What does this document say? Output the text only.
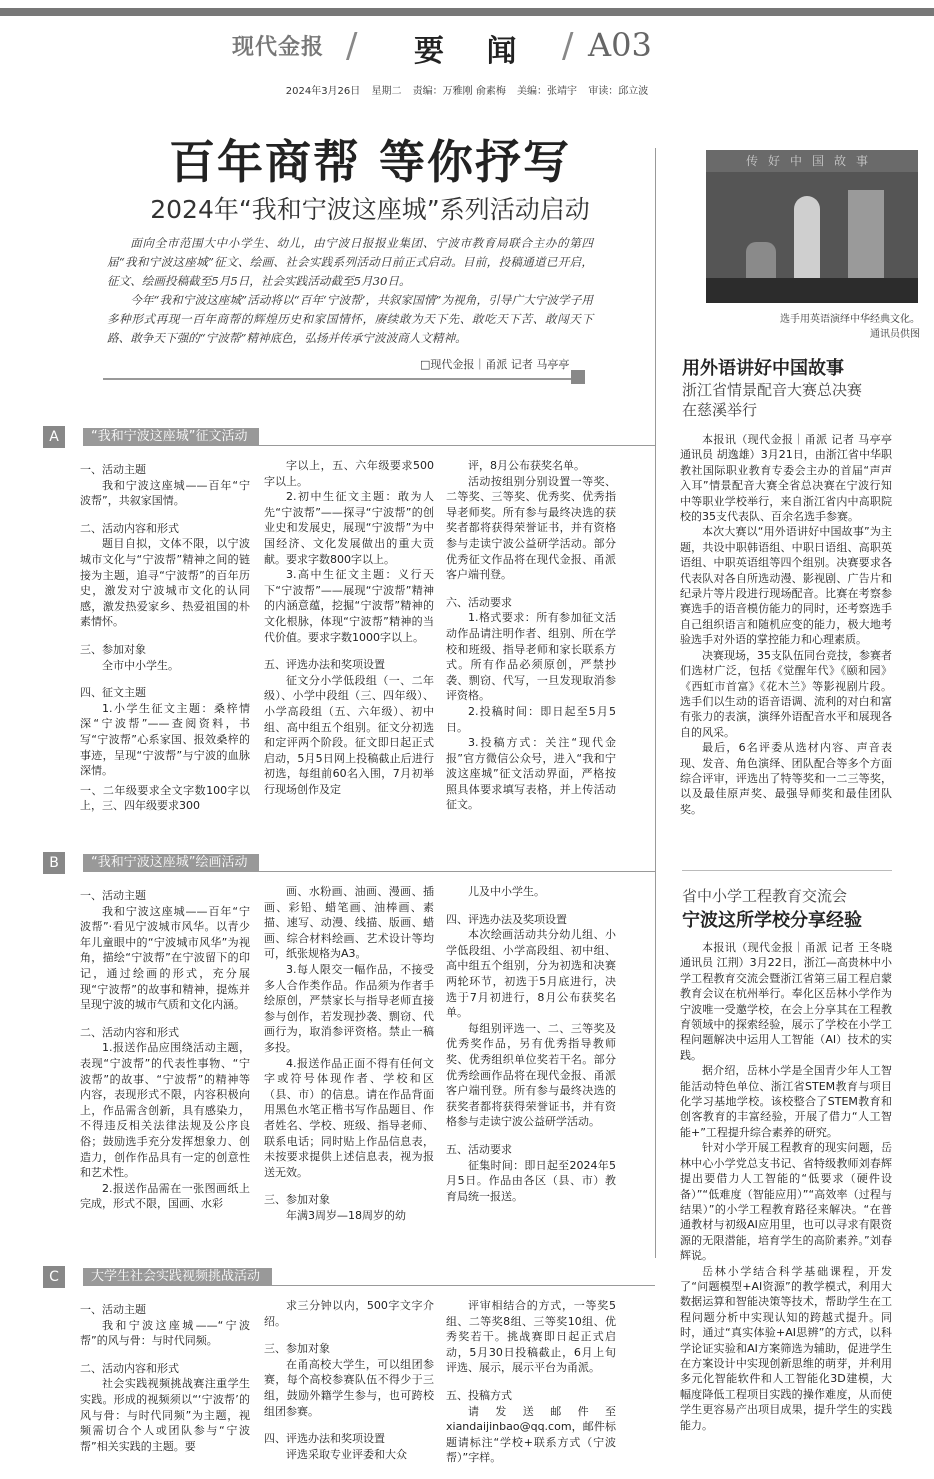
现代金报 / 要 闻 / A03
2024年3月26日 星期二 责编：万雅刚 俞素梅 美编：张靖宇 审读：邱立波
百年商帮 等你抒写
2024年“我和宁波这座城”系列活动启动

面向全市范围大中小学生、幼儿，由宁波日报报业集团、宁波市教育局联合主办的第四届“我和宁波这座城”征文、绘画、社会实践系列活动日前正式启动。目前，投稿通道已开启，征文、绘画投稿截至5月5日，社会实践活动截至5月30日。

今年“我和宁波这座城”活动将以“百年‘宁波帮’，共叙家国情”为视角，引导广大宁波学子用多种形式再现一百年商帮的辉煌历史和家国情怀，赓续敢为天下先、敢吃天下苦、敢闯天下路、敢争天下强的“宁波帮”精神底色，弘扬并传承宁波波商人文精神。

□现代金报｜甬派 记者 马亭亭
A	“我和宁波这座城”征文活动

一、活动主题

我和宁波这座城——百年“宁波帮”，共叙家国情。

二、活动内容和形式

题目自拟，文体不限，以宁波城市文化与“宁波帮”精神之间的链接为主题，追寻“宁波帮”的百年历史，激发对宁波城市文化的认同感，激发热爱家乡、热爱祖国的朴素情怀。

三、参加对象

全市中小学生。

四、征文主题

1.小学生征文主题：桑梓情深“宁波帮”——查阅资料，书写“宁波帮”心系家国、报效桑梓的事迹，呈现“宁波帮”与宁波的血脉深情。

一、二年级要求全文字数100字以上，三、四年级要求300

字以上，五、六年级要求500字以上。

2.初中生征文主题：敢为人先“宁波帮”——探寻“宁波帮”的创业史和发展史，展现“宁波帮”为中国经济、文化发展做出的重大贡献。要求字数800字以上。

3.高中生征文主题：义行天下“宁波帮”——展现“宁波帮”精神的内涵意蕴，挖掘“宁波帮”精神的文化根脉，体现“宁波帮”精神的当代价值。要求字数1000字以上。

五、评选办法和奖项设置

征文分小学低段组（一、二年级）、小学中段组（三、四年级）、小学高段组（五、六年级）、初中组、高中组五个组别。征文分初选和定评两个阶段。征文即日起正式启动，5月5日网上投稿截止后进行初选，每组前60名入围，7月初举行现场创作及定

评，8月公布获奖名单。

活动按组别分别设置一等奖、二等奖、三等奖、优秀奖、优秀指导老师奖。所有参与最终决选的获奖者都将获得荣誉证书，并有资格参与走读宁波公益研学活动。部分优秀征文作品将在现代金报、甬派客户端刊登。

六、活动要求

1.格式要求：所有参加征文活动作品请注明作者、组别、所在学校和班级、指导老师和家长联系方式。所有作品必须原创，严禁抄袭、剽窃、代写，一旦发现取消参评资格。

2.投稿时间：即日起至5月5日。

3.投稿方式：关注“现代金报”官方微信公众号，进入“我和宁波这座城”征文活动界面，严格按照具体要求填写表格，并上传活动征文。

B	“我和宁波这座城”绘画活动

一、活动主题

我和宁波这座城——百年“宁波帮”·看见宁波城市风华。以青少年儿童眼中的“宁波城市风华”为视角，描绘“宁波帮”在宁波留下的印记，通过绘画的形式，充分展现“宁波帮”的故事和精神，提炼并呈现宁波的城市气质和文化内涵。

二、活动内容和形式

1.报送作品应围绕活动主题，表现“宁波帮”的代表性事物、“宁波帮”的故事、“宁波帮”的精神等内容，表现形式不限，内容积极向上，作品需含创新，具有感染力，不得违反相关法律法规及公序良俗；鼓励选手充分发挥想象力、创造力，创作作品具有一定的创意性和艺术性。

2.报送作品需在一张图画纸上完成，形式不限，国画、水彩

画、水粉画、油画、漫画、插画、彩铅、蜡笔画、油棒画、素描、速写、动漫、线描、版画、蜡画、综合材料绘画、艺术设计等均可，纸张规格为A3。

3.每人限交一幅作品，不接受多人合作类作品。作品须为作者手绘原创，严禁家长与指导老师直接参与创作，若发现抄袭、剽窃、代画行为，取消参评资格。禁止一稿多投。

4.报送作品正面不得有任何文字或符号体现作者、学校和区（县、市）的信息。请在作品背面用黑色水笔正楷书写作品题目、作者姓名、学校、班级、指导老师、联系电话；同时贴上作品信息表，未按要求提供上述信息表，视为报送无效。

三、参加对象

年满3周岁—18周岁的幼

儿及中小学生。

四、评选办法及奖项设置

本次绘画活动共分幼儿组、小学低段组、小学高段组、初中组、高中组五个组别，分为初选和决赛两轮环节，初选于5月底进行，决选于7月初进行，8月公布获奖名单。

每组别评选一、二、三等奖及优秀奖作品，另有优秀指导教师奖、优秀组织单位奖若干名。部分优秀绘画作品将在现代金报、甬派客户端刊登。所有参与最终决选的获奖者都将获得荣誉证书，并有资格参与走读宁波公益研学活动。

五、活动要求

征集时间：即日起至2024年5月5日。作品由各区（县、市）教育局统一报送。

C	大学生社会实践视频挑战活动

一、活动主题

我和宁波这座城——“宁波帮”的风与骨：与时代同频。

二、活动内容和形式

社会实践视频挑战赛注重学生实践。形成的视频须以“‘宁波帮’的风与骨：与时代同频”为主题，视频需切合个人或团队参与“宁波帮”相关实践的主题。要

求三分钟以内，500字文字介绍。

三、参加对象

在甬高校大学生，可以组团参赛，每个高校参赛队伍不得少于三组，鼓励外籍学生参与，也可跨校组团参赛。

四、评选办法和奖项设置

评选采取专业评委和大众

评审相结合的方式，一等奖5组、二等奖8组、三等奖10组、优秀奖若干。挑战赛即日起正式启动，5月30日投稿截止，6月上旬评选、展示，展示平台为甬派。

五、投稿方式

请发送邮件至 xiandaijinbao@qq.com，邮件标题请标注“学校+联系方式（宁波帮）”字样。

传好中国故事
选手用英语演绎中华经典文化。
通讯员供图
用外语讲好中国故事
浙江省情景配音大赛总决赛
在慈溪举行

本报讯（现代金报｜甬派 记者 马亭亭 通讯员 胡逸雄）3月21日，由浙江省中华职教社国际职业教育专委会主办的首届“声声入耳”情景配音大赛全省总决赛在宁波行知中等职业学校举行，来自浙江省内中高职院校的35支代表队、百余名选手参赛。

本次大赛以“用外语讲好中国故事”为主题，共设中职韩语组、中职日语组、高职英语组、中职英语组等四个组别。决赛要求各代表队对各自所选动漫、影视剧、广告片和纪录片等片段进行现场配音。比赛在考察参赛选手的语音模仿能力的同时，还考察选手自己组织语言和随机应变的能力，极大地考验选手对外语的掌控能力和心理素质。

决赛现场，35支队伍同台竞技，参赛者们选材广泛，包括《觉醒年代》《颐和园》《西虹市首富》《花木兰》等影视剧片段。选手们以生动的语音语调、流利的对白和富有张力的表演，演绎外语配音水平和展现各自的风采。

最后，6名评委从选材内容、声音表现、发音、角色演绎、团队配合等多个方面综合评审，评选出了特等奖和一二三等奖，以及最佳原声奖、最强导师奖和最佳团队奖。

省中小学工程教育交流会
宁波这所学校分享经验

本报讯（现代金报｜甬派 记者 王冬晓 通讯员 江荆）3月22日，浙江—高贵林中小学工程教育交流会暨浙江省第三届工程启蒙教育会议在杭州举行。奉化区岳林小学作为宁波唯一受邀学校，在会上分享其在工程教育领域中的探索经验，展示了学校在小学工程问题解决中运用人工智能（AI）技术的实践。

据介绍，岳林小学是全国青少年人工智能活动特色单位、浙江省STEM教育与项目化学习基地学校。该校整合了STEM教育和创客教育的丰富经验，开展了借力“人工智能+”工程提升综合素养的研究。

针对小学开展工程教育的现实问题，岳林中心小学党总支书记、省特级教师刘春辉提出要借力人工智能的“低要求（硬件设备）”“低难度（智能应用）”“高效率（过程与结果）”的小学工程教育路径来解决。“在普通教材与初级AI应用里，也可以寻求有限资源的无限潜能，培育学生的高阶素养。”刘春辉说。

岳林小学结合科学基础课程，开发了“问题模型+AI资源”的教学模式，利用大数据运算和智能决策等技术，帮助学生在工程问题分析中实现认知的跨越式提升。同时，通过“真实体验+AI思辨”的方式，以科学论证实验和AI方案筛选为辅助，促进学生在方案设计中实现创新思维的萌芽，并利用多元化智能软件和人工智能化3D建模，大幅度降低工程项目实践的操作难度，从而使学生更容易产出项目成果，提升学生的实践能力。
